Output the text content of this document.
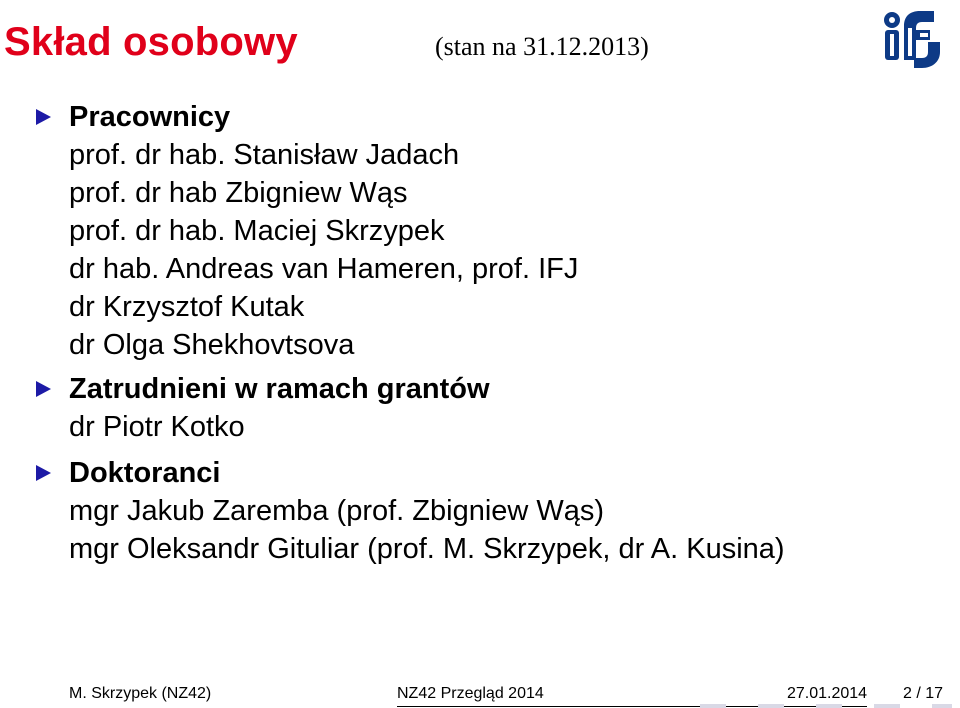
Skład osobowy	(stan na 31.12.2013)
Pracownicy
prof. dr hab. Stanisław Jadach
prof. dr hab Zbigniew Wąs
prof. dr hab. Maciej Skrzypek
dr hab. Andreas van Hameren, prof. IFJ
dr Krzysztof Kutak
dr Olga Shekhovtsova
Zatrudnieni w ramach grantów
dr Piotr Kotko
Doktoranci
mgr Jakub Zaremba (prof. Zbigniew Wąs)
mgr Oleksandr Gituliar (prof. M. Skrzypek, dr A. Kusina)
M. Skrzypek (NZ42)	NZ42 Przegląd 2014	27.01.2014 2 / 17
